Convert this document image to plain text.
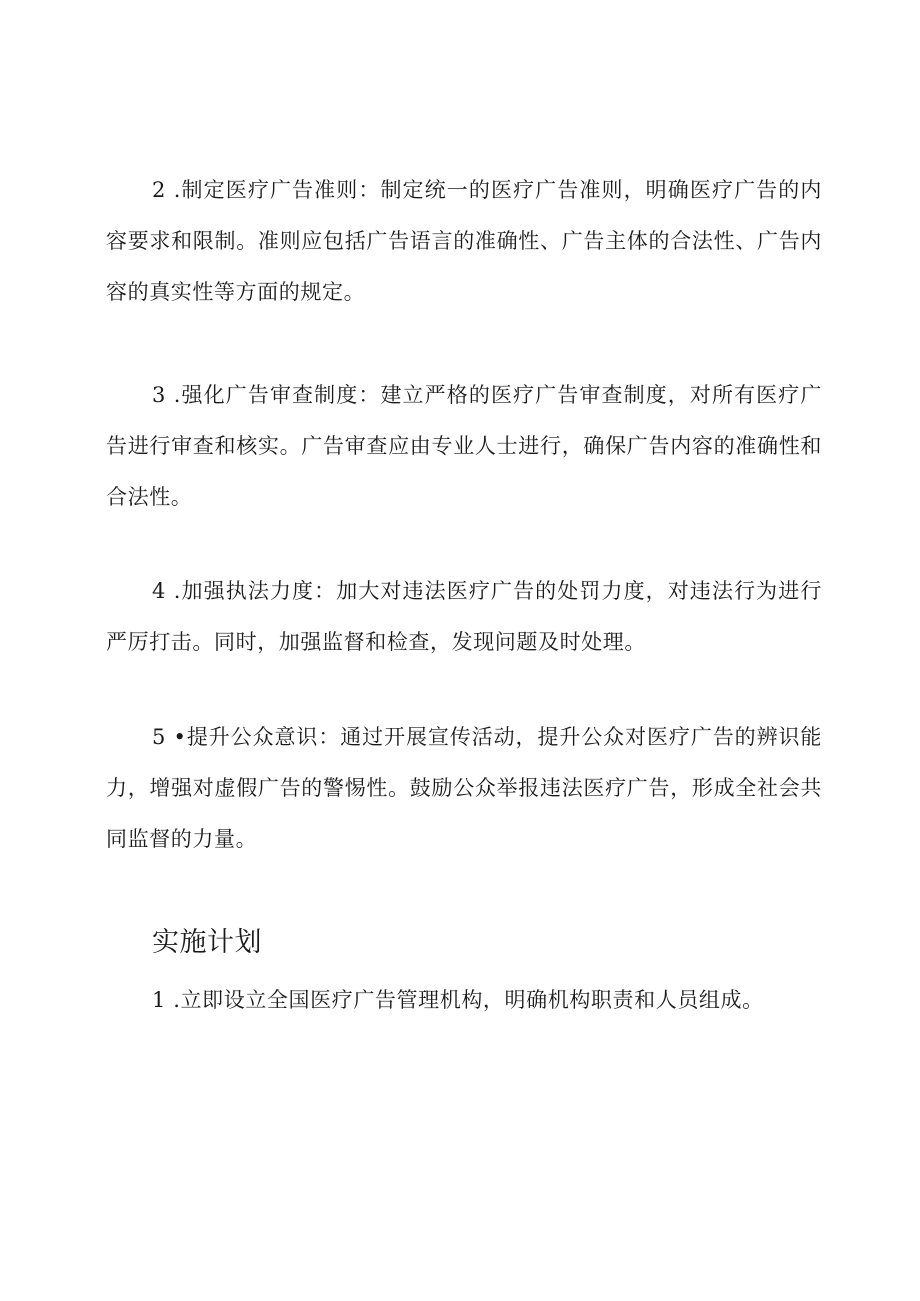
2 .制定医疗广告准则：制定统一的医疗广告准则，明确医疗广告的内容要求和限制。准则应包括广告语言的准确性、广告主体的合法性、广告内容的真实性等方面的规定。

3 .强化广告审查制度：建立严格的医疗广告审查制度，对所有医疗广告进行审查和核实。广告审查应由专业人士进行，确保广告内容的准确性和合法性。

4 .加强执法力度：加大对违法医疗广告的处罚力度，对违法行为进行严厉打击。同时，加强监督和检查，发现问题及时处理。

5 •提升公众意识：通过开展宣传活动，提升公众对医疗广告的辨识能力，增强对虚假广告的警惕性。鼓励公众举报违法医疗广告，形成全社会共同监督的力量。

实施计划

1 .立即设立全国医疗广告管理机构，明确机构职责和人员组成。
